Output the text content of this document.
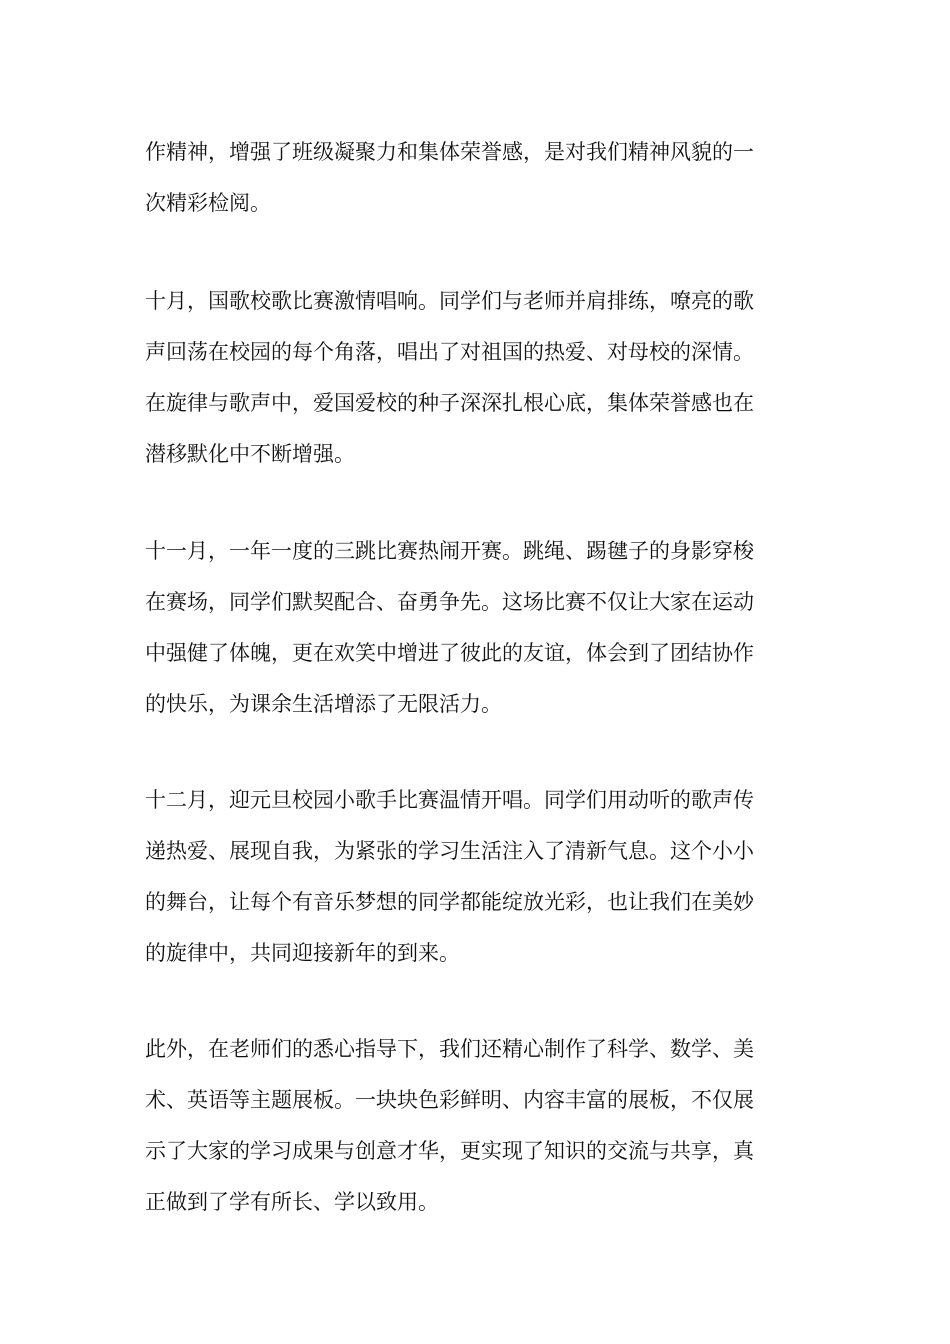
作精神，增强了班级凝聚力和集体荣誉感，是对我们精神风貌的一
次精彩检阅。

十月，国歌校歌比赛激情唱响。同学们与老师并肩排练，嘹亮的歌
声回荡在校园的每个角落，唱出了对祖国的热爱、对母校的深情。
在旋律与歌声中，爱国爱校的种子深深扎根心底，集体荣誉感也在
潜移默化中不断增强。

十一月，一年一度的三跳比赛热闹开赛。跳绳、踢毽子的身影穿梭
在赛场，同学们默契配合、奋勇争先。这场比赛不仅让大家在运动
中强健了体魄，更在欢笑中增进了彼此的友谊，体会到了团结协作
的快乐，为课余生活增添了无限活力。

十二月，迎元旦校园小歌手比赛温情开唱。同学们用动听的歌声传
递热爱、展现自我，为紧张的学习生活注入了清新气息。这个小小
的舞台，让每个有音乐梦想的同学都能绽放光彩，也让我们在美妙
的旋律中，共同迎接新年的到来。

此外，在老师们的悉心指导下，我们还精心制作了科学、数学、美
术、英语等主题展板。一块块色彩鲜明、内容丰富的展板，不仅展
示了大家的学习成果与创意才华，更实现了知识的交流与共享，真
正做到了学有所长、学以致用。
